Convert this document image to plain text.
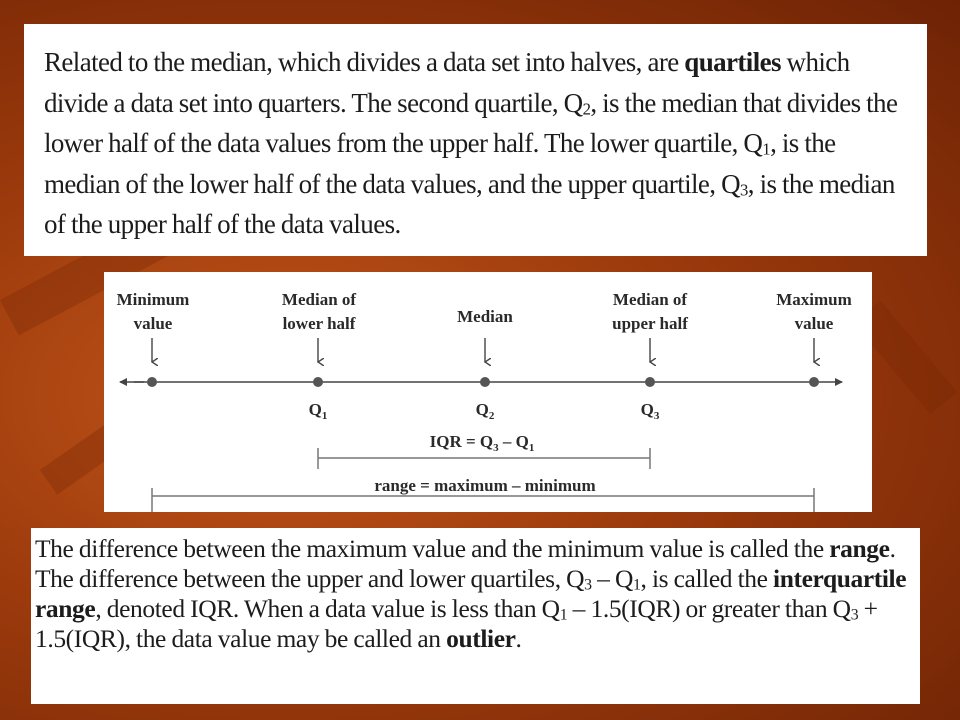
Related to the median, which divides a data set into halves, are quartiles which divide a data set into quarters. The second quartile, $Q_2$, is the median that divides the lower half of the data values from the upper half. The lower quartile, $Q_1$, is the median of the lower half of the data values, and the upper quartile, $Q_3$, is the median of the upper half of the data values.

Minimum
value
Median of
lower half	Median
Median of
upper half
Maximum
value
$Q_1$	$Q_2$	$Q_3$
IQR = $Q_3 - Q_1$
range = maximum – minimum

The difference between the maximum value and the minimum value is called the range. The difference between the upper and lower quartiles, $Q_3 - Q_1$, is called the interquartile range, denoted IQR. When a data value is less than $Q_1 - 1.5(IQR)$ or greater than $Q_3 + 1.5(IQR)$, the data value may be called an outlier.
